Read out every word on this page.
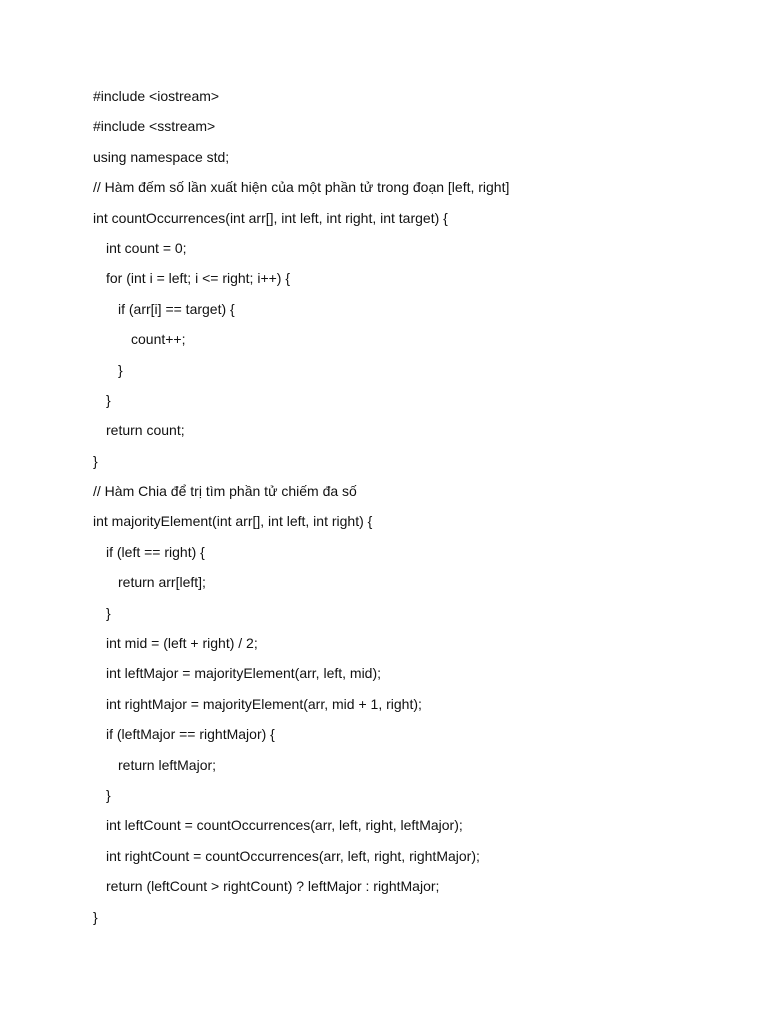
#include <iostream>
#include <sstream>
using namespace std;
// Hàm đếm số lần xuất hiện của một phần tử trong đoạn [left, right]
int countOccurrences(int arr[], int left, int right, int target) {
int count = 0;
for (int i = left; i <= right; i++) {
if (arr[i] == target) {
count++;
}
}
return count;
}
// Hàm Chia để trị tìm phần tử chiếm đa số
int majorityElement(int arr[], int left, int right) {
if (left == right) {
return arr[left];
}
int mid = (left + right) / 2;
int leftMajor = majorityElement(arr, left, mid);
int rightMajor = majorityElement(arr, mid + 1, right);
if (leftMajor == rightMajor) {
return leftMajor;
}
int leftCount = countOccurrences(arr, left, right, leftMajor);
int rightCount = countOccurrences(arr, left, right, rightMajor);
return (leftCount > rightCount) ? leftMajor : rightMajor;
}
